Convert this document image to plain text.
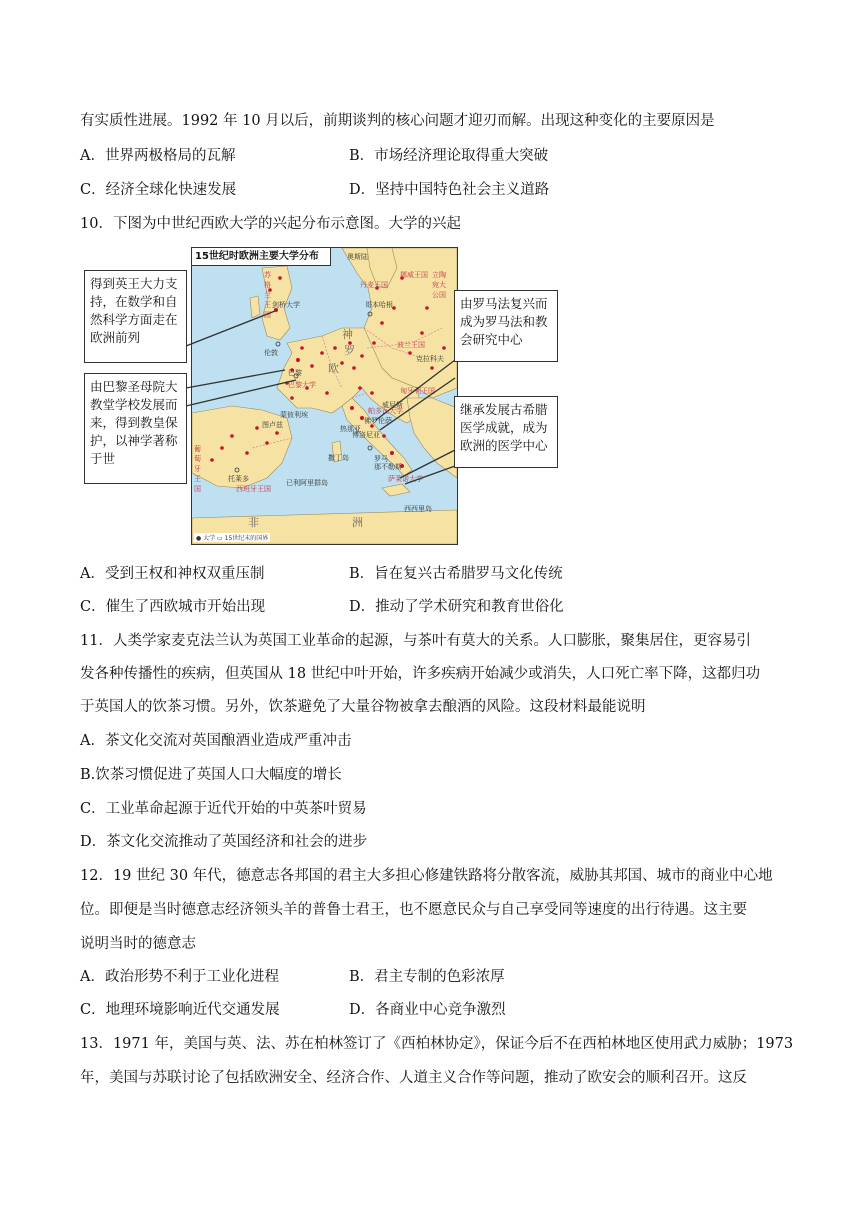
有实质性进展。1992 年 10 月以后，前期谈判的核心问题才迎刃而解。出现这种变化的主要原因是
A．世界两极格局的瓦解	B．市场经济理论取得重大突破
C．经济全球化快速发展	D．坚持中国特色社会主义道路
10．下图为中世纪西欧大学的兴起分布示意图。大学的兴起
15世纪时欧洲主要大学分布	奥斯陆
挪威王国
丹麦王国
哥本哈根
立陶宛大公国
苏格兰王国
剑桥大学
伦敦
巴黎
巴黎大学
神
罗
欧
波兰王国
克拉科夫
匈牙利王国
威尼斯
佛罗伦萨
帕多瓦大学
热那亚
博洛尼亚
罗马
那不勒斯
萨莱诺大学
蒙彼利埃
图卢兹
葡萄牙王国	西班牙王国
托莱多	已利阿里群岛
撒丁岛
西西里岛
非	洲
● 大学 ▭ 15世纪末的国界
得到英王大力支持，在数学和自然科学方面走在欧洲前列
由巴黎圣母院大教堂学校发展而来，得到教皇保护，以神学著称于世
由罗马法复兴而成为罗马法和教会研究中心
继承发展古希腊医学成就，成为欧洲的医学中心
A．受到王权和神权双重压制	B．旨在复兴古希腊罗马文化传统
C．催生了西欧城市开始出现	D．推动了学术研究和教育世俗化
11．人类学家麦克法兰认为英国工业革命的起源，与茶叶有莫大的关系。人口膨胀，聚集居住，更容易引
发各种传播性的疾病，但英国从 18 世纪中叶开始，许多疾病开始减少或消失，人口死亡率下降，这都归功
于英国人的饮茶习惯。另外，饮茶避免了大量谷物被拿去酿酒的风险。这段材料最能说明
A．茶文化交流对英国酿酒业造成严重冲击
B.饮茶习惯促进了英国人口大幅度的增长
C．工业革命起源于近代开始的中英茶叶贸易
D．茶文化交流推动了英国经济和社会的进步
12．19 世纪 30 年代，德意志各邦国的君主大多担心修建铁路将分散客流，威胁其邦国、城市的商业中心地
位。即便是当时德意志经济领头羊的普鲁士君王，也不愿意民众与自己享受同等速度的出行待遇。这主要
说明当时的德意志
A．政治形势不利于工业化进程	B．君主专制的色彩浓厚
C．地理环境影响近代交通发展	D．各商业中心竞争激烈
13．1971 年，美国与英、法、苏在柏林签订了《西柏林协定》，保证今后不在西柏林地区使用武力威胁；1973
年，美国与苏联讨论了包括欧洲安全、经济合作、人道主义合作等问题，推动了欧安会的顺利召开。这反
